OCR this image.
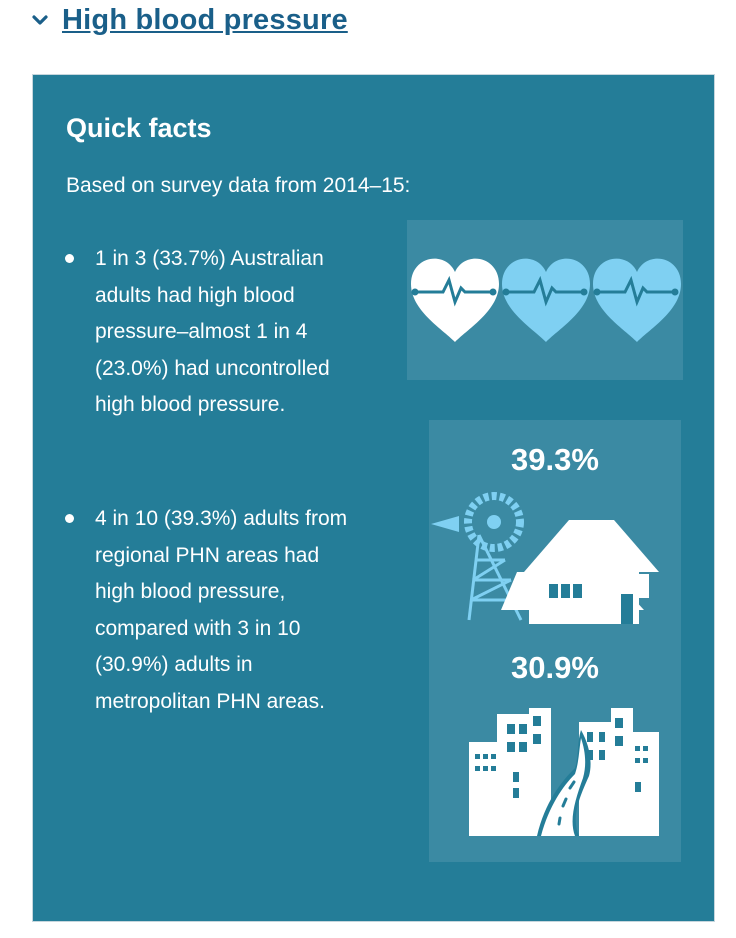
High blood pressure
Quick facts
Based on survey data from 2014–15:
1 in 3 (33.7%) Australian
adults had high blood
pressure–almost 1 in 4
(23.0%) had uncontrolled
high blood pressure.
4 in 10 (39.3%) adults from
regional PHN areas had
high blood pressure,
compared with 3 in 10
(30.9%) adults in
metropolitan PHN areas.
39.3%
30.9%
